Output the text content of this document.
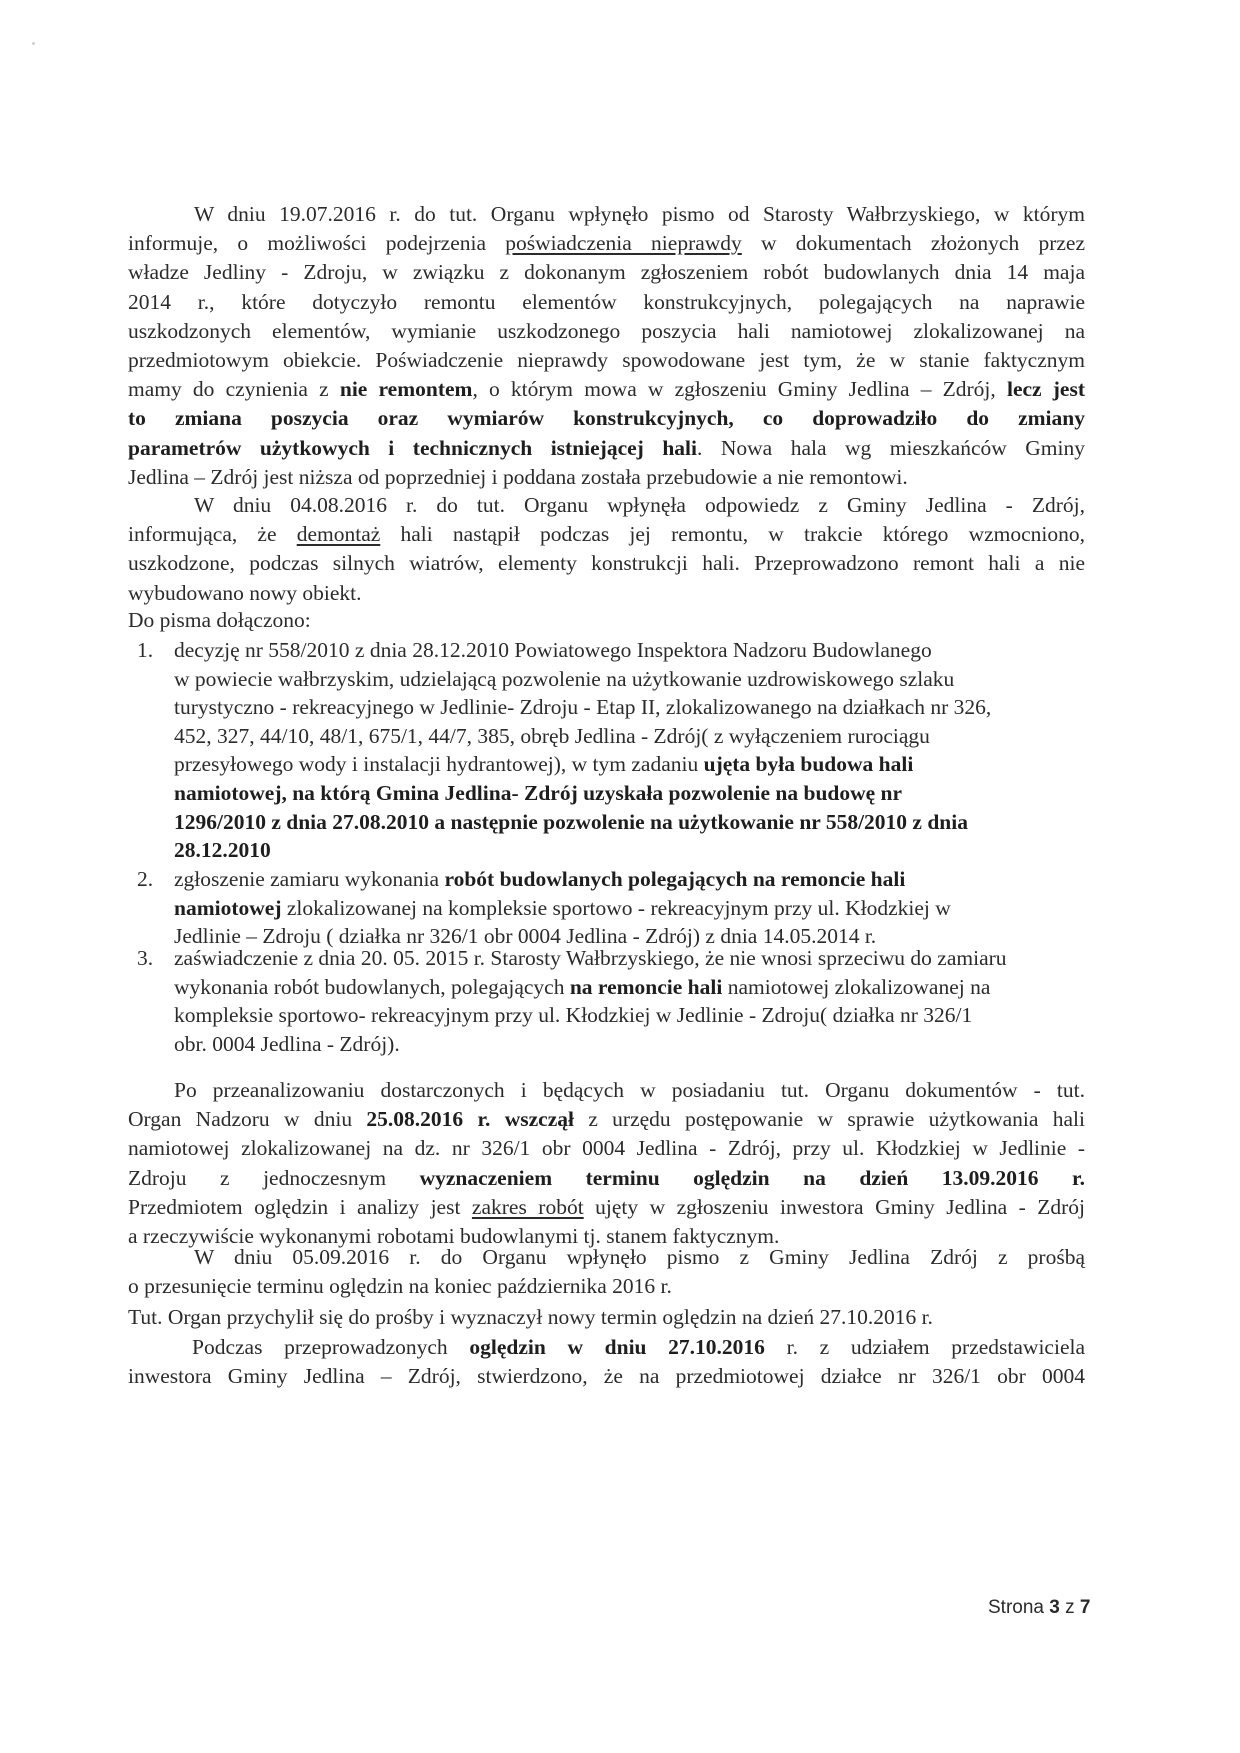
W dniu 19.07.2016 r. do tut. Organu wpłynęło pismo od Starosty Wałbrzyskiego, w którym
informuje, o możliwości podejrzenia poświadczenia nieprawdy w dokumentach złożonych przez
władze Jedliny - Zdroju, w związku z dokonanym zgłoszeniem robót budowlanych dnia 14 maja
2014 r., które dotyczyło remontu elementów konstrukcyjnych, polegających na naprawie
uszkodzonych elementów, wymianie uszkodzonego poszycia hali namiotowej zlokalizowanej na
przedmiotowym obiekcie. Poświadczenie nieprawdy spowodowane jest tym, że w stanie faktycznym
mamy do czynienia z nie remontem, o którym mowa w zgłoszeniu Gminy Jedlina – Zdrój, lecz jest
to zmiana poszycia oraz wymiarów konstrukcyjnych, co doprowadziło do zmiany
parametrów użytkowych i technicznych istniejącej hali. Nowa hala wg mieszkańców Gminy
Jedlina – Zdrój jest niższa od poprzedniej i poddana została przebudowie a nie remontowi.
W dniu 04.08.2016 r. do tut. Organu wpłynęła odpowiedz z Gminy Jedlina - Zdrój,
informująca, że demontaż hali nastąpił podczas jej remontu, w trakcie którego wzmocniono,
uszkodzone, podczas silnych wiatrów, elementy konstrukcji hali. Przeprowadzono remont hali a nie
wybudowano nowy obiekt.
Do pisma dołączono:
1. decyzję nr 558/2010 z dnia 28.12.2010 Powiatowego Inspektora Nadzoru Budowlanego
w powiecie wałbrzyskim, udzielającą pozwolenie na użytkowanie uzdrowiskowego szlaku
turystyczno - rekreacyjnego w Jedlinie- Zdroju - Etap II, zlokalizowanego na działkach nr 326,
452, 327, 44/10, 48/1, 675/1, 44/7, 385, obręb Jedlina - Zdrój( z wyłączeniem rurociągu
przesyłowego wody i instalacji hydrantowej), w tym zadaniu ujęta była budowa hali
namiotowej, na którą Gmina Jedlina- Zdrój uzyskała pozwolenie na budowę nr
1296/2010 z dnia 27.08.2010 a następnie pozwolenie na użytkowanie nr 558/2010 z dnia
28.12.2010
2. zgłoszenie zamiaru wykonania robót budowlanych polegających na remoncie hali
namiotowej zlokalizowanej na kompleksie sportowo - rekreacyjnym przy ul. Kłodzkiej w
Jedlinie – Zdroju ( działka nr 326/1 obr 0004 Jedlina - Zdrój) z dnia 14.05.2014 r.
3. zaświadczenie z dnia 20. 05. 2015 r. Starosty Wałbrzyskiego, że nie wnosi sprzeciwu do zamiaru
wykonania robót budowlanych, polegających na remoncie hali namiotowej zlokalizowanej na
kompleksie sportowo- rekreacyjnym przy ul. Kłodzkiej w Jedlinie - Zdroju( działka nr 326/1
obr. 0004 Jedlina - Zdrój).
Po przeanalizowaniu dostarczonych i będących w posiadaniu tut. Organu dokumentów - tut.
Organ Nadzoru w dniu 25.08.2016 r. wszczął z urzędu postępowanie w sprawie użytkowania hali
namiotowej zlokalizowanej na dz. nr 326/1 obr 0004 Jedlina - Zdrój, przy ul. Kłodzkiej w Jedlinie -
Zdroju z jednoczesnym wyznaczeniem terminu oględzin na dzień 13.09.2016 r.
Przedmiotem oględzin i analizy jest zakres robót ujęty w zgłoszeniu inwestora Gminy Jedlina - Zdrój
a rzeczywiście wykonanymi robotami budowlanymi tj. stanem faktycznym.
W dniu 05.09.2016 r. do Organu wpłynęło pismo z Gminy Jedlina Zdrój z prośbą
o przesunięcie terminu oględzin na koniec października 2016 r.
Tut. Organ przychylił się do prośby i wyznaczył nowy termin oględzin na dzień 27.10.2016 r.
Podczas przeprowadzonych oględzin w dniu 27.10.2016 r. z udziałem przedstawiciela
inwestora Gminy Jedlina – Zdrój, stwierdzono, że na przedmiotowej działce nr 326/1 obr 0004
Strona 3 z 7
